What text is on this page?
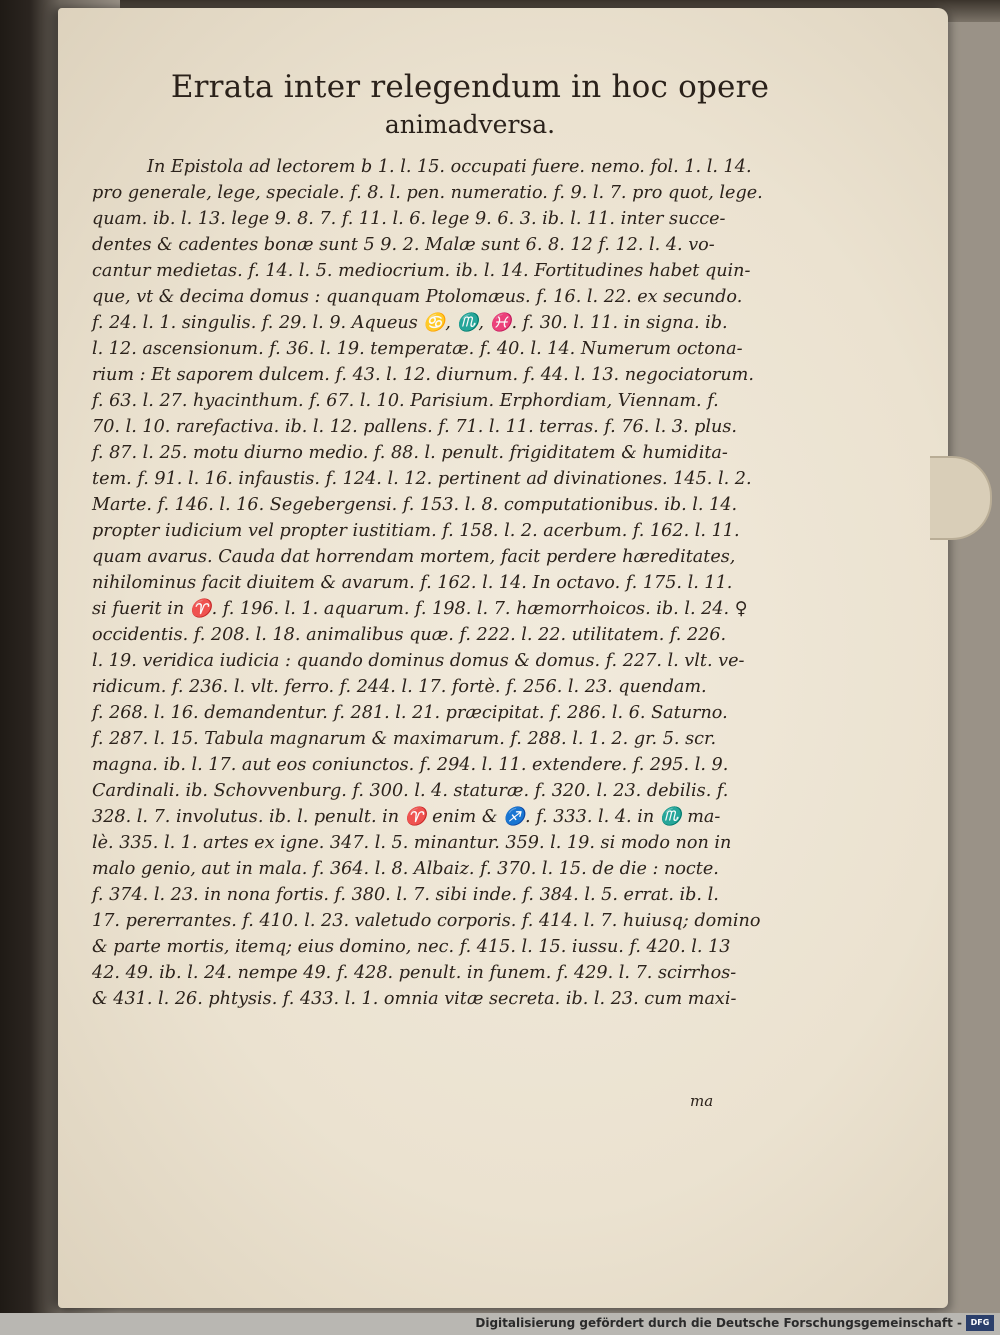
Errata inter relegendum in hoc opere
animadversa.
In Epistola ad lectorem b 1. l. 15. occupati fuere. nemo. fol. 1. l. 14.
pro generale, lege, speciale. f. 8. l. pen. numeratio. f. 9. l. 7. pro quot, lege.
quam. ib. l. 13. lege 9. 8. 7. f. 11. l. 6. lege 9. 6. 3. ib. l. 11. inter succe-
dentes & cadentes bonæ sunt 5 9. 2. Malæ sunt 6. 8. 12 f. 12. l. 4. vo-
cantur medietas. f. 14. l. 5. mediocrium. ib. l. 14. Fortitudines habet quin-
que, vt & decima domus : quanquam Ptolomæus. f. 16. l. 22. ex secundo.
f. 24. l. 1. singulis. f. 29. l. 9. Aqueus ♋, ♏, ♓. f. 30. l. 11. in signa. ib.
l. 12. ascensionum. f. 36. l. 19. temperatæ. f. 40. l. 14. Numerum octona-
rium : Et saporem dulcem. f. 43. l. 12. diurnum. f. 44. l. 13. negociatorum.
f. 63. l. 27. hyacinthum. f. 67. l. 10. Parisium. Erphordiam, Viennam. f.
70. l. 10. rarefactiva. ib. l. 12. pallens. f. 71. l. 11. terras. f. 76. l. 3. plus.
f. 87. l. 25. motu diurno medio. f. 88. l. penult. frigiditatem & humidita-
tem. f. 91. l. 16. infaustis. f. 124. l. 12. pertinent ad divinationes. 145. l. 2.
Marte. f. 146. l. 16. Segebergensi. f. 153. l. 8. computationibus. ib. l. 14.
propter iudicium vel propter iustitiam. f. 158. l. 2. acerbum. f. 162. l. 11.
quam avarus. Cauda dat horrendam mortem, facit perdere hæreditates,
nihilominus facit diuitem & avarum. f. 162. l. 14. In octavo. f. 175. l. 11.
si fuerit in ♈. f. 196. l. 1. aquarum. f. 198. l. 7. hæmorrhoicos. ib. l. 24. ♀
occidentis. f. 208. l. 18. animalibus quæ. f. 222. l. 22. utilitatem. f. 226.
l. 19. veridica iudicia : quando dominus domus & domus. f. 227. l. vlt. ve-
ridicum. f. 236. l. vlt. ferro. f. 244. l. 17. fortè. f. 256. l. 23. quendam.
f. 268. l. 16. demandentur. f. 281. l. 21. præcipitat. f. 286. l. 6. Saturno.
f. 287. l. 15. Tabula magnarum & maximarum. f. 288. l. 1. 2. gr. 5. scr.
magna. ib. l. 17. aut eos coniunctos. f. 294. l. 11. extendere. f. 295. l. 9.
Cardinali. ib. Schovvenburg. f. 300. l. 4. staturæ. f. 320. l. 23. debilis. f.
328. l. 7. involutus. ib. l. penult. in ♈ enim & ♐. f. 333. l. 4. in ♏ ma-
lè. 335. l. 1. artes ex igne. 347. l. 5. minantur. 359. l. 19. si modo non in
malo genio, aut in mala. f. 364. l. 8. Albaiz. f. 370. l. 15. de die : nocte.
f. 374. l. 23. in nona fortis. f. 380. l. 7. sibi inde. f. 384. l. 5. errat. ib. l.
17. pererrantes. f. 410. l. 23. valetudo corporis. f. 414. l. 7. huiusq; domino
& parte mortis, itemq; eius domino, nec. f. 415. l. 15. iussu. f. 420. l. 13
42. 49. ib. l. 24. nempe 49. f. 428. penult. in funem. f. 429. l. 7. scirrhos-
& 431. l. 26. phtysis. f. 433. l. 1. omnia vitæ secreta. ib. l. 23. cum maxi-
ma
Digitalisierung gefördert durch die Deutsche Forschungsgemeinschaft -	DFG
